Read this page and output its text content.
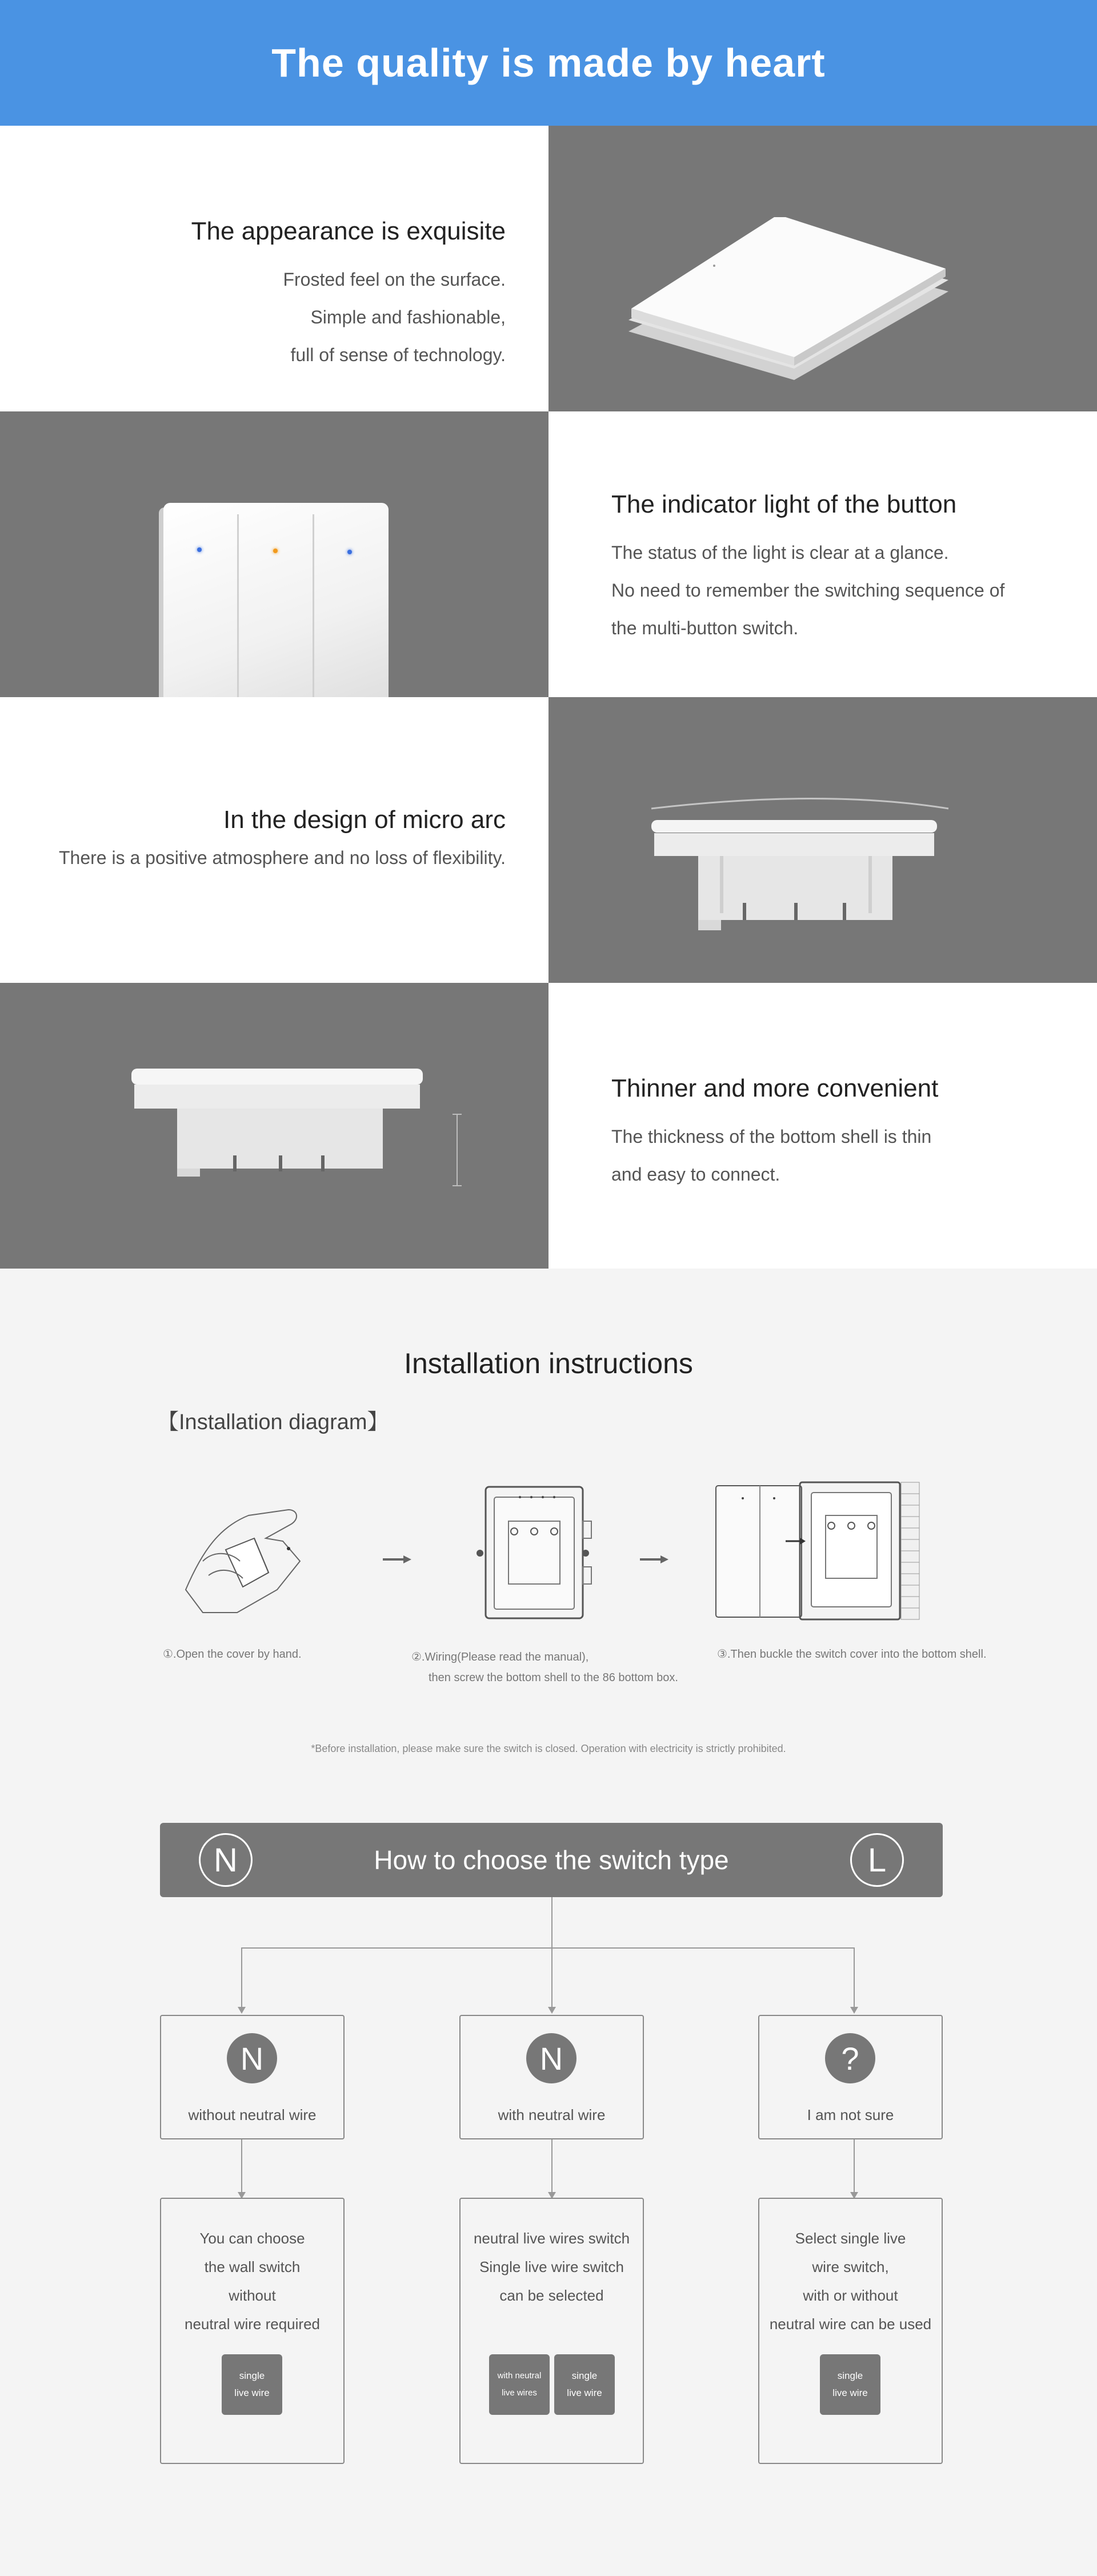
The quality is made by heart
The appearance is exquisite
Frosted feel on the surface.
Simple and fashionable,
full of sense of technology.
The indicator light of the button
The status of the light is clear at a glance.
No need to remember the switching sequence of
the multi-button switch.
In the design of micro arc
There is a positive atmosphere and no loss of flexibility.
Thinner and more convenient
The thickness of the bottom shell is thin
and easy to connect.
Installation instructions
【Installation diagram】
①.Open the cover by hand.	②.Wiring(Please read the manual),
then screw the bottom shell to the 86 bottom box.
③.Then buckle the switch cover into the bottom shell.
*Before installation, please make sure the switch is closed. Operation with electricity is strictly prohibited.
N	How to choose the switch type	L
N
without neutral wire
N
with neutral wire
?
I am not sure
You can choose
the wall switch
without
neutral wire required
single
live wire
neutral live wires switch
Single live wire switch
can be selected
with neutral
live wires
single
live wire
Select single live
wire switch,
with or without
neutral wire can be used
single
live wire
